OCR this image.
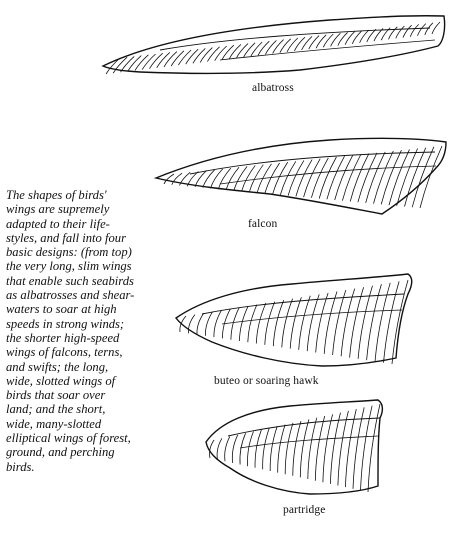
albatross
falcon
buteo or soaring hawk
partridge
The shapes of birds'
wings are supremely
adapted to their life-
styles, and fall into four
basic designs: (from top)
the very long, slim wings
that enable such seabirds
as albatrosses and shear-
waters to soar at high
speeds in strong winds;
the shorter high-speed
wings of falcons, terns,
and swifts; the long,
wide, slotted wings of
birds that soar over
land; and the short,
wide, many-slotted
elliptical wings of forest,
ground, and perching
birds.
